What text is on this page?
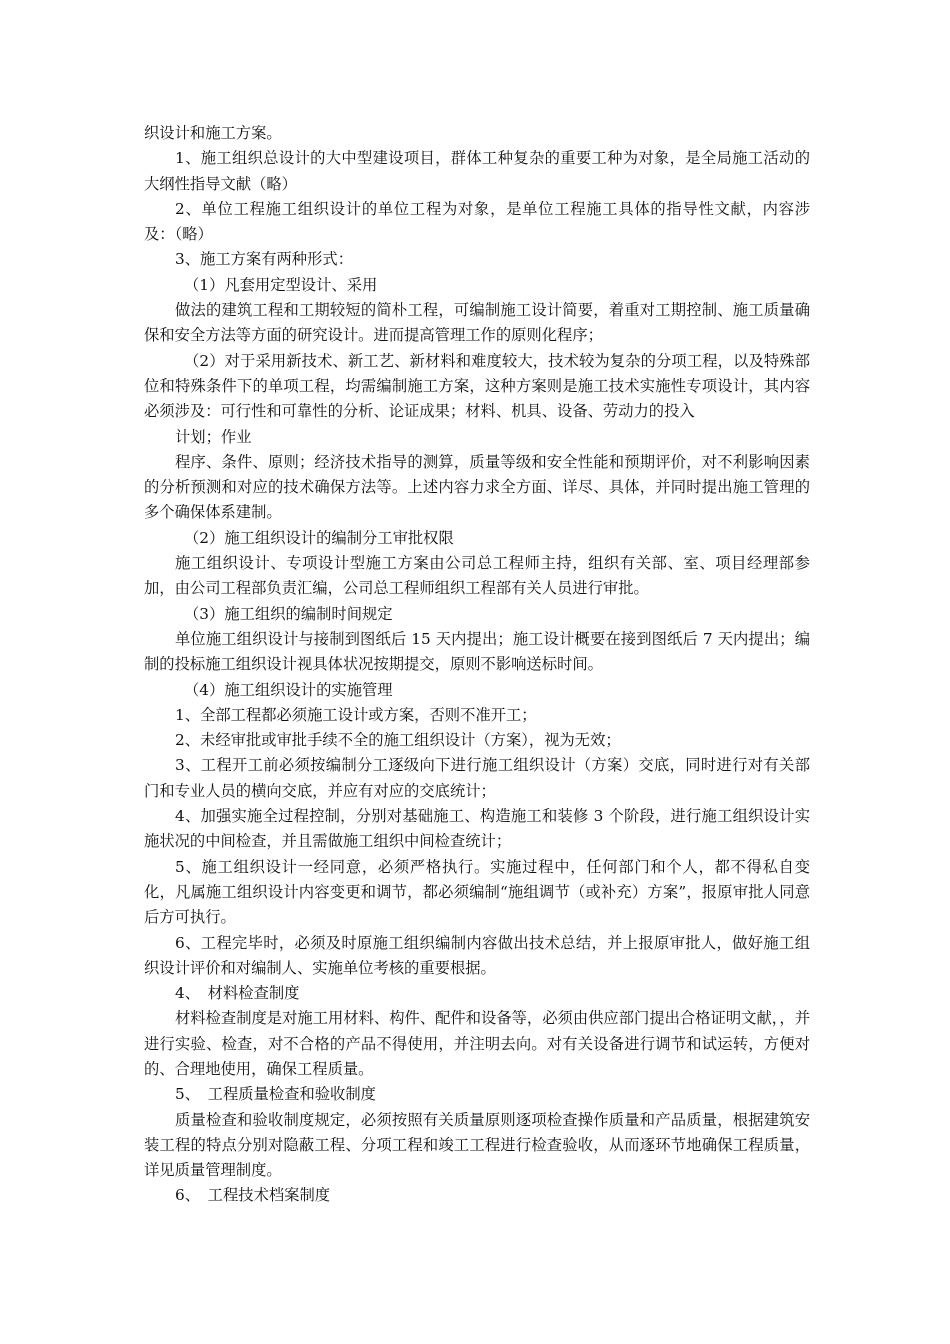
织设计和施工方案。

1、施工组织总设计的大中型建设项目，群体工种复杂的重要工种为对象，是全局施工活动的大纲性指导文献（略）

2、单位工程施工组织设计的单位工程为对象，是单位工程施工具体的指导性文献，内容涉及：（略）

3、施工方案有两种形式：

（1）凡套用定型设计、采用

做法的建筑工程和工期较短的简朴工程，可编制施工设计简要，着重对工期控制、施工质量确保和安全方法等方面的研究设计。进而提高管理工作的原则化程序；

（2）对于采用新技术、新工艺、新材料和难度较大，技术较为复杂的分项工程，以及特殊部位和特殊条件下的单项工程，均需编制施工方案，这种方案则是施工技术实施性专项设计，其内容必须涉及：可行性和可靠性的分析、论证成果；材料、机具、设备、劳动力的投入

计划；作业

程序、条件、原则；经济技术指导的测算，质量等级和安全性能和预期评价，对不利影响因素的分析预测和对应的技术确保方法等。上述内容力求全方面、详尽、具体，并同时提出施工管理的多个确保体系建制。

（2）施工组织设计的编制分工审批权限

施工组织设计、专项设计型施工方案由公司总工程师主持，组织有关部、室、项目经理部参加，由公司工程部负责汇编，公司总工程师组织工程部有关人员进行审批。

（3）施工组织的编制时间规定

单位施工组织设计与接制到图纸后 15 天内提出；施工设计概要在接到图纸后 7 天内提出；编制的投标施工组织设计视具体状况按期提交，原则不影响送标时间。

（4）施工组织设计的实施管理

1、全部工程都必须施工设计或方案，否则不准开工；

2、未经审批或审批手续不全的施工组织设计（方案），视为无效；

3、工程开工前必须按编制分工逐级向下进行施工组织设计（方案）交底，同时进行对有关部门和专业人员的横向交底，并应有对应的交底统计；

4、加强实施全过程控制，分别对基础施工、构造施工和装修 3 个阶段，进行施工组织设计实施状况的中间检查，并且需做施工组织中间检查统计；

5、施工组织设计一经同意，必须严格执行。实施过程中，任何部门和个人，都不得私自变化，凡属施工组织设计内容变更和调节，都必须编制“施组调节（或补充）方案”，报原审批人同意后方可执行。

6、工程完毕时，必须及时原施工组织编制内容做出技术总结，并上报原审批人，做好施工组织设计评价和对编制人、实施单位考核的重要根据。

4、　材料检查制度

材料检查制度是对施工用材料、构件、配件和设备等，必须由供应部门提出合格证明文献，，并进行实验、检查，对不合格的产品不得使用，并注明去向。对有关设备进行调节和试运转，方便对的、合理地使用，确保工程质量。

5、　工程质量检查和验收制度

质量检查和验收制度规定，必须按照有关质量原则逐项检查操作质量和产品质量，根据建筑安装工程的特点分别对隐蔽工程、分项工程和竣工工程进行检查验收，从而逐环节地确保工程质量，详见质量管理制度。

6、　工程技术档案制度
